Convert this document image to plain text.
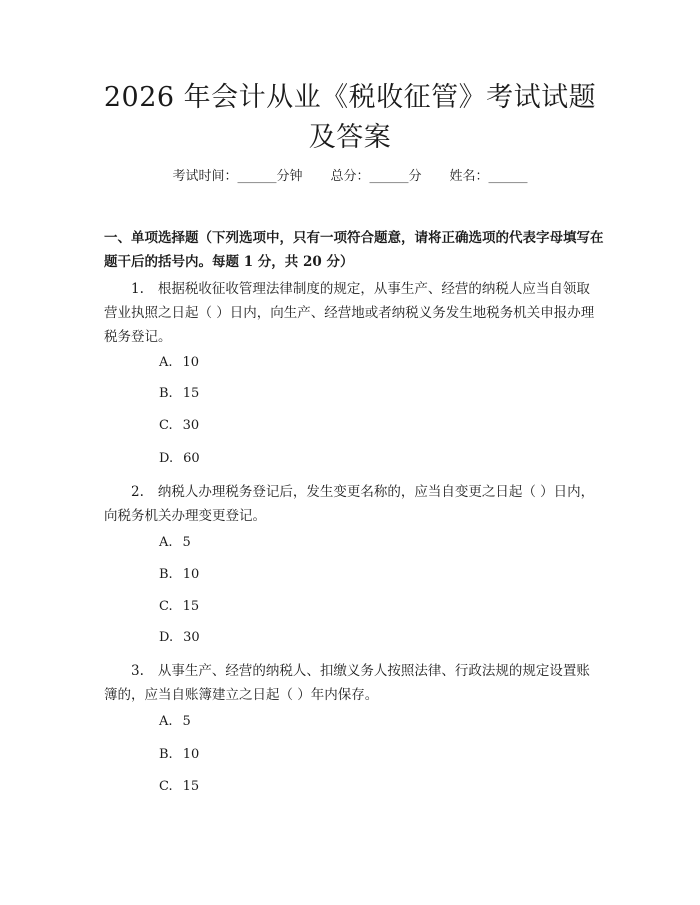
2026 年会计从业《税收征管》考试试题及答案
考试时间：______分钟 总分：______分 姓名：______
一、单项选择题（下列选项中，只有一项符合题意，请将正确选项的代表字母填写在题干后的括号内。每题 1 分，共 20 分）
1. 根据税收征收管理法律制度的规定，从事生产、经营的纳税人应当自领取营业执照之日起（ ）日内，向生产、经营地或者纳税义务发生地税务机关申报办理税务登记。
A. 10
B. 15
C. 30
D. 60
2. 纳税人办理税务登记后，发生变更名称的，应当自变更之日起（ ）日内，向税务机关办理变更登记。
A. 5
B. 10
C. 15
D. 30
3. 从事生产、经营的纳税人、扣缴义务人按照法律、行政法规的规定设置账簿的，应当自账簿建立之日起（ ）年内保存。
A. 5
B. 10
C. 15
